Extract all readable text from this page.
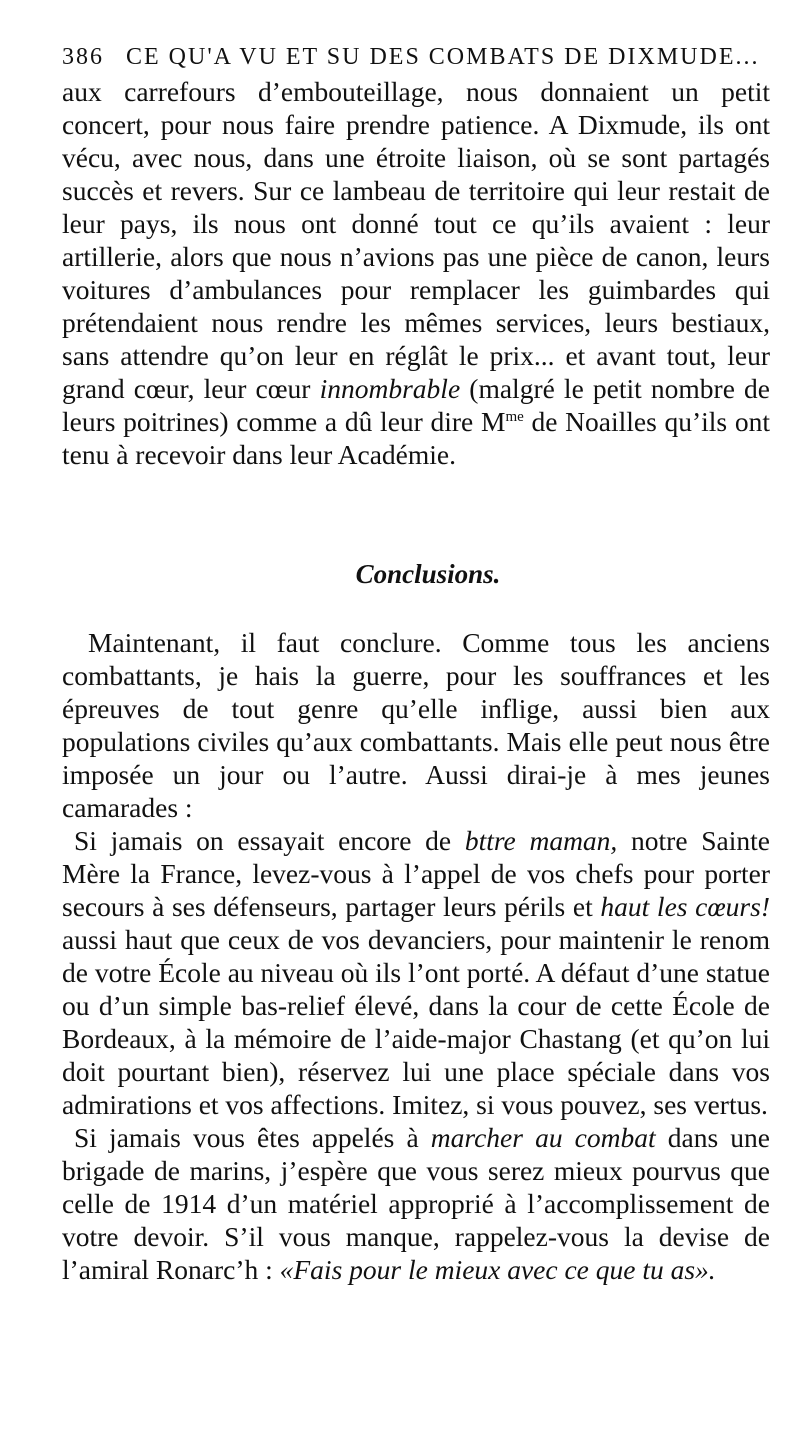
386 CE QU'A VU ET SU DES COMBATS DE DIXMUDE...

aux carrefours d’embouteillage, nous donnaient un petit concert, pour nous faire prendre patience. A Dixmude, ils ont vécu, avec nous, dans une étroite liaison, où se sont partagés succès et revers. Sur ce lambeau de territoire qui leur restait de leur pays, ils nous ont donné tout ce qu’ils avaient : leur artillerie, alors que nous n’avions pas une pièce de canon, leurs voitures d’ambulances pour remplacer les guimbardes qui prétendaient nous rendre les mêmes services, leurs bestiaux, sans attendre qu’on leur en réglât le prix... et avant tout, leur grand cœur, leur cœur innombrable (malgré le petit nombre de leurs poitrines) comme a dû leur dire $M^{me}$ de Noailles qu’ils ont tenu à recevoir dans leur Académie.

Conclusions.

Maintenant, il faut conclure. Comme tous les anciens combattants, je hais la guerre, pour les souffrances et les épreuves de tout genre qu’elle inflige, aussi bien aux populations civiles qu’aux combattants. Mais elle peut nous être imposée un jour ou l’autre. Aussi dirai-je à mes jeunes camarades :

Si jamais on essayait encore de bttre maman, notre Sainte Mère la France, levez-vous à l’appel de vos chefs pour porter secours à ses défenseurs, partager leurs périls et haut les cœurs! aussi haut que ceux de vos devanciers, pour maintenir le renom de votre École au niveau où ils l’ont porté. A défaut d’une statue ou d’un simple bas-relief élevé, dans la cour de cette École de Bordeaux, à la mémoire de l’aide-major Chastang (et qu’on lui doit pourtant bien), réservez lui une place spéciale dans vos admirations et vos affections. Imitez, si vous pouvez, ses vertus.

Si jamais vous êtes appelés à marcher au combat dans une brigade de marins, j’espère que vous serez mieux pourvus que celle de 1914 d’un matériel approprié à l’accomplissement de votre devoir. S’il vous manque, rappelez-vous la devise de l’amiral Ronarc’h : «Fais pour le mieux avec ce que tu as».
